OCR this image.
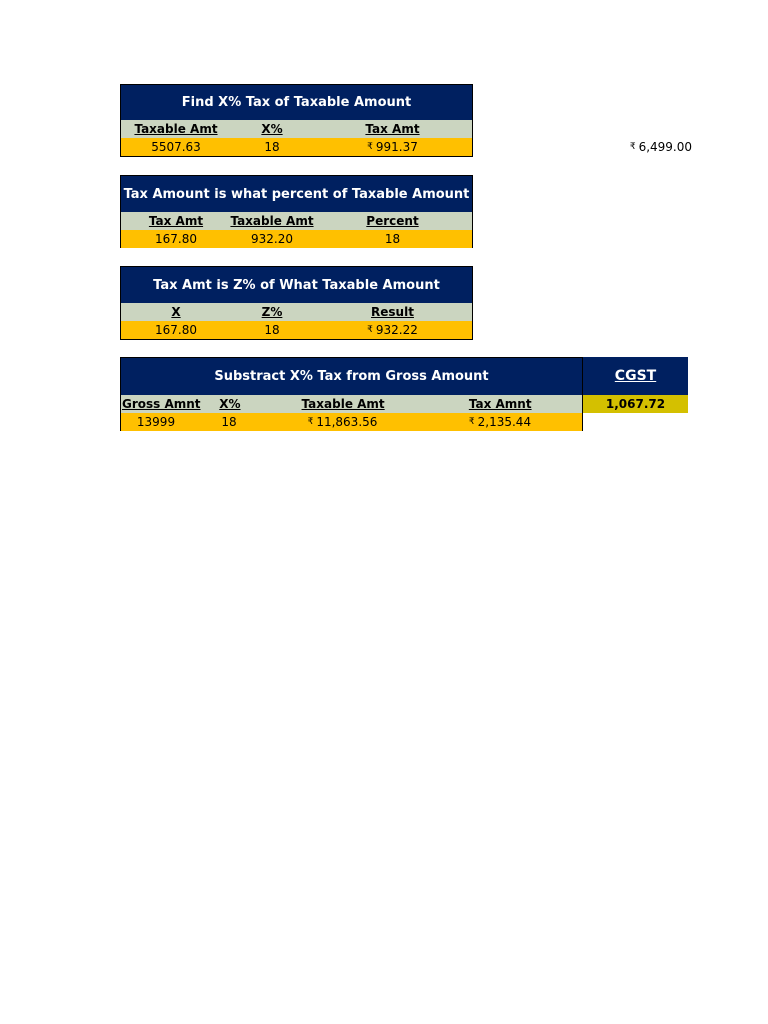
Find X% Tax of Taxable Amount
Taxable Amt	X%	Tax Amt
5507.63	18	₹ 991.37	₹ 6,499.00
Tax Amount is what percent of Taxable Amount
Tax Amt	Taxable Amt	Percent
167.80	932.20	18
Tax Amt is Z% of What Taxable Amount
X	Z%	Result
167.80	18	₹ 932.22
Substract X% Tax from Gross Amount
Gross Amnt	X%	Taxable Amt	Tax Amnt
13999	18	₹ 11,863.56	₹ 2,135.44
CGST
1,067.72
